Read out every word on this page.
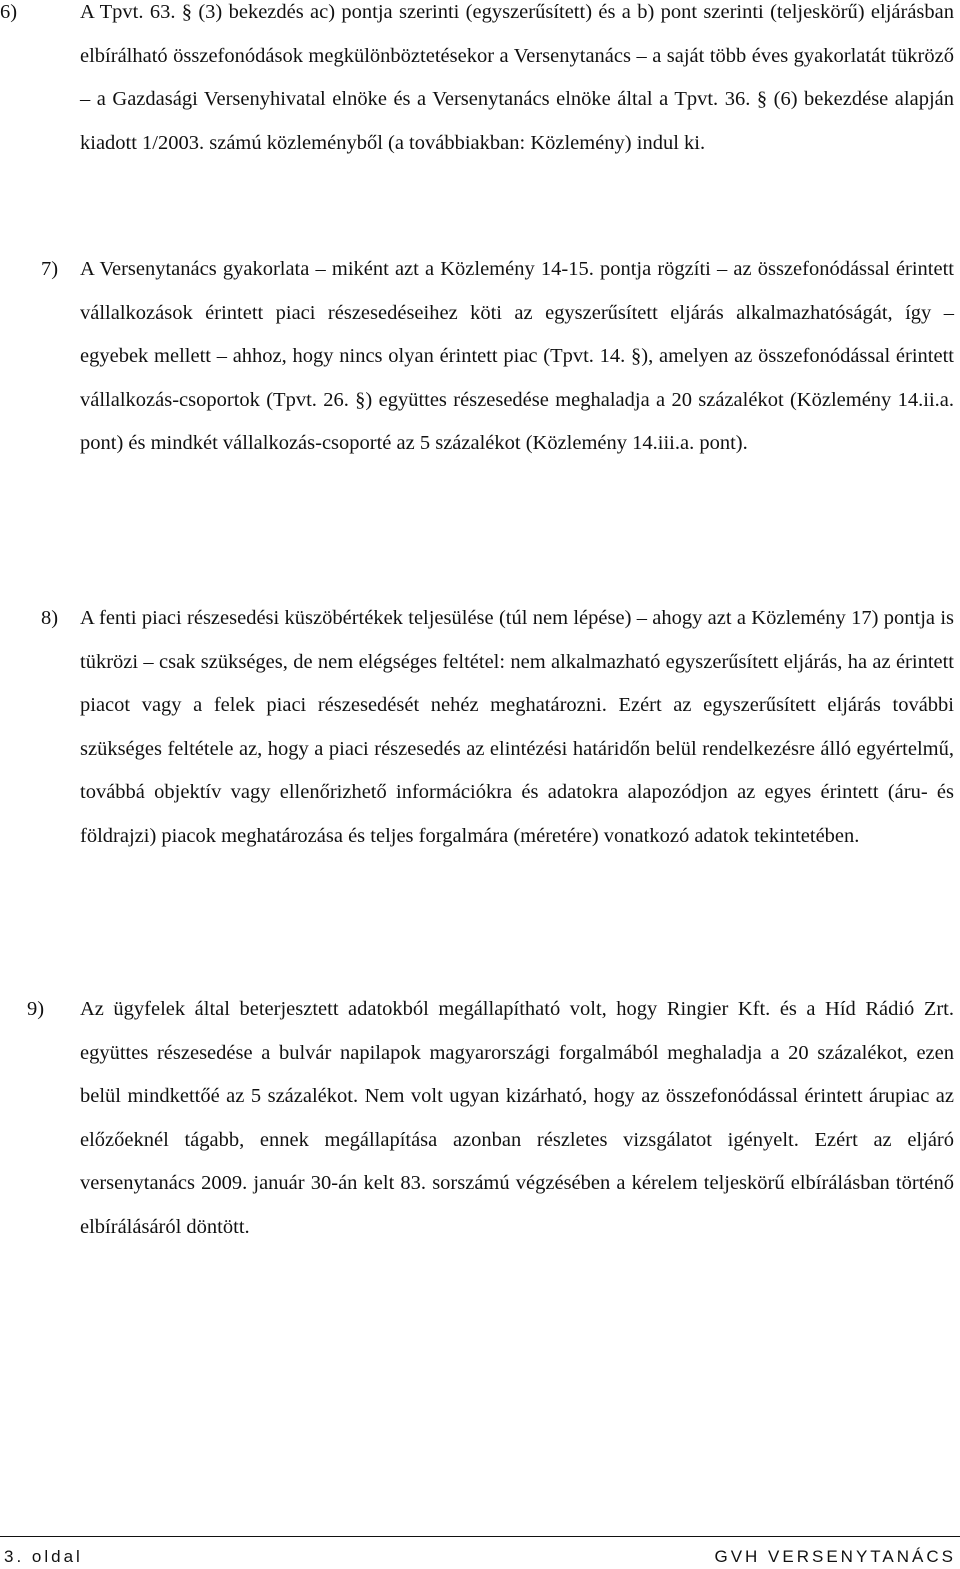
6)	A Tpvt. 63. § (3) bekezdés ac) pontja szerinti (egyszerűsített) és a b) pont szerinti (teljeskörű) eljárásban elbírálható összefonódások megkülönböztetésekor a Versenytanács – a saját több éves gyakorlatát tükröző – a Gazdasági Versenyhivatal elnöke és a Versenytanács elnöke által a Tpvt. 36. § (6) bekezdése alapján kiadott 1/2003. számú közleményből (a továbbiakban: Közlemény) indul ki.
7) A Versenytanács gyakorlata – miként azt a Közlemény 14-15. pontja rögzíti – az összefonódással érintett vállalkozások érintett piaci részesedéseihez köti az egyszerűsített eljárás alkalmazhatóságát, így – egyebek mellett – ahhoz, hogy nincs olyan érintett piac (Tpvt. 14. §), amelyen az összefonódással érintett vállalkozás-csoportok (Tpvt. 26. §) együttes részesedése meghaladja a 20 százalékot (Közlemény 14.ii.a. pont) és mindkét vállalkozás-csoporté az 5 százalékot (Közlemény 14.iii.a. pont).
8) A fenti piaci részesedési küszöbértékek teljesülése (túl nem lépése) – ahogy azt a Közlemény 17) pontja is tükrözi – csak szükséges, de nem elégséges feltétel: nem alkalmazható egyszerűsített eljárás, ha az érintett piacot vagy a felek piaci részesedését nehéz meghatározni. Ezért az egyszerűsített eljárás további szükséges feltétele az, hogy a piaci részesedés az elintézési határidőn belül rendelkezésre álló egyértelmű, továbbá objektív vagy ellenőrizhető információkra és adatokra alapozódjon az egyes érintett (áru- és földrajzi) piacok meghatározása és teljes forgalmára (méretére) vonatkozó adatok tekintetében.
9) Az ügyfelek által beterjesztett adatokból megállapítható volt, hogy Ringier Kft. és a Híd Rádió Zrt. együttes részesedése a bulvár napilapok magyarországi forgalmából meghaladja a 20 százalékot, ezen belül mindkettőé az 5 százalékot. Nem volt ugyan kizárható, hogy az összefonódással érintett árupiac az előzőeknél tágabb, ennek megállapítása azonban részletes vizsgálatot igényelt. Ezért az eljáró versenytanács 2009. január 30-án kelt 83. sorszámú végzésében a kérelem teljeskörű elbírálásban történő elbírálásáról döntött.
3. oldal	GVH VERSENYTANÁCS
